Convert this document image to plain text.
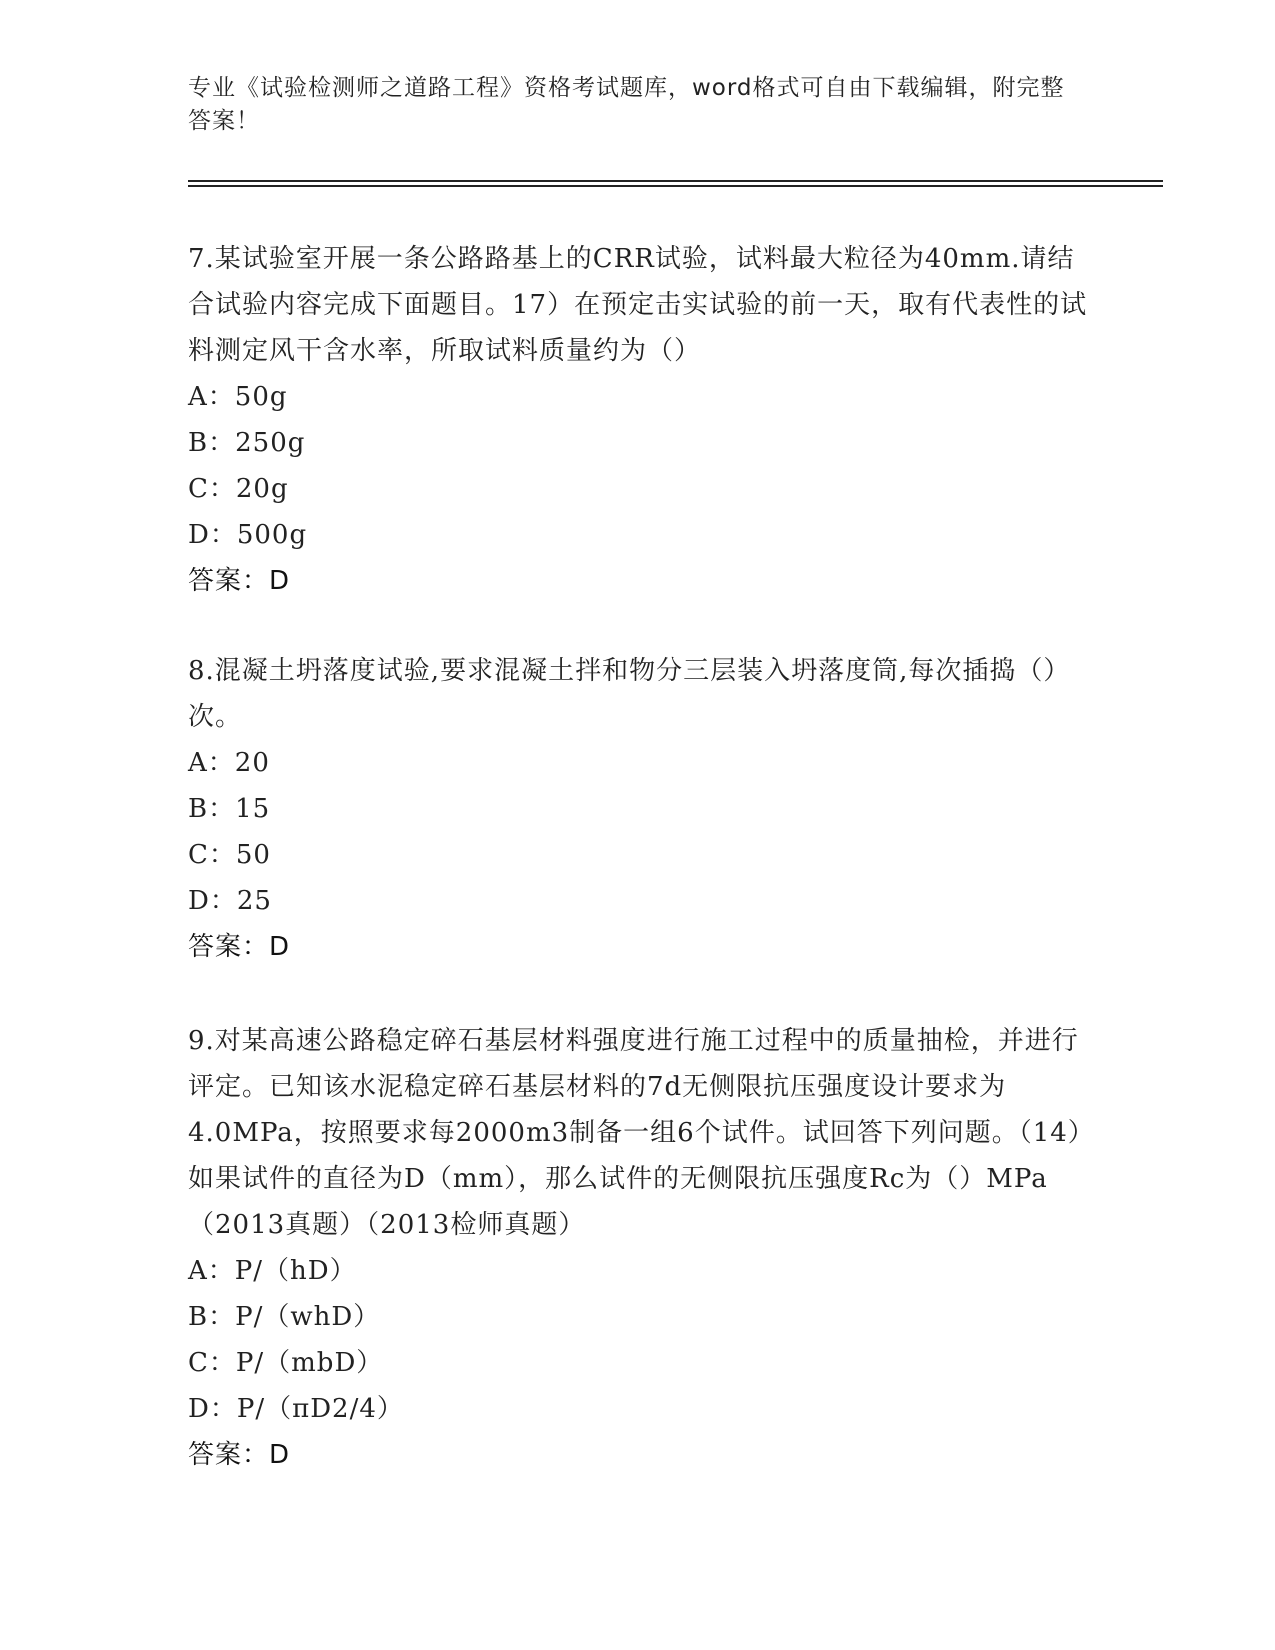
专业《试验检测师之道路工程》资格考试题库，word格式可自由下载编辑，附完整答案！

7.某试验室开展一条公路路基上的CRR试验，试料最大粒径为40mm.请结合试验内容完成下面题目。17）在预定击实试验的前一天，取有代表性的试料测定风干含水率，所取试料质量约为（）

A：50g

B：250g

C：20g

D：500g

答案：D

8.混凝土坍落度试验,要求混凝土拌和物分三层装入坍落度筒,每次插捣（）次。

A：20

B：15

C：50

D：25

答案：D

9.对某高速公路稳定碎石基层材料强度进行施工过程中的质量抽检，并进行评定。已知该水泥稳定碎石基层材料的7d无侧限抗压强度设计要求为4.0MPa，按照要求每2000m3制备一组6个试件。试回答下列问题。（14）如果试件的直径为D（mm），那么试件的无侧限抗压强度Rc为（）MPa（2013真题）（2013检师真题）

A：P/（hD）

B：P/（whD）

C：P/（mbD）

D：P/（πD2/4）

答案：D
